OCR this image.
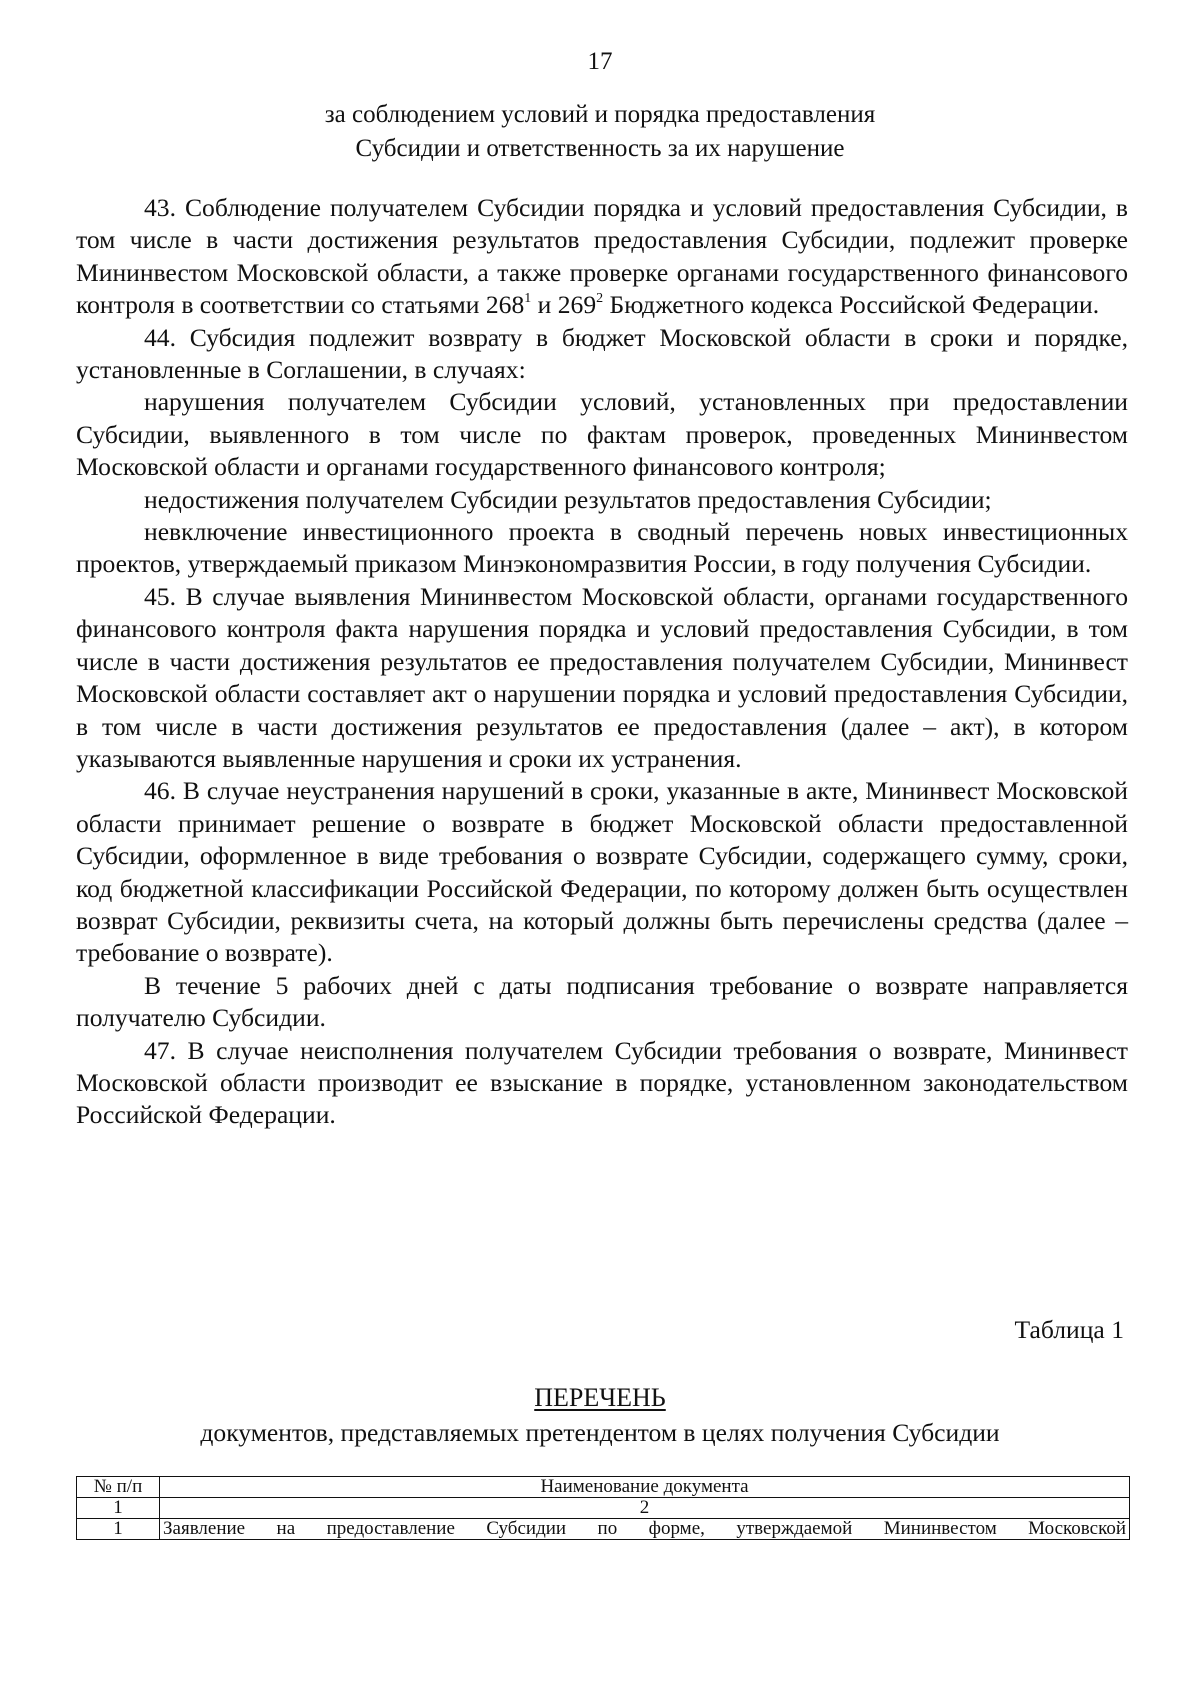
17
за соблюдением условий и порядка предоставления
Субсидии и ответственность за их нарушение

43. Соблюдение получателем Субсидии порядка и условий предоставления Субсидии, в том числе в части достижения результатов предоставления Субсидии, подлежит проверке Мининвестом Московской области, а также проверке органами государственного финансового контроля в соответствии со статьями $268^1$ и $269^2$ Бюджетного кодекса Российской Федерации.

44. Субсидия подлежит возврату в бюджет Московской области в сроки и порядке, установленные в Соглашении, в случаях:

нарушения получателем Субсидии условий, установленных при предоставлении Субсидии, выявленного в том числе по фактам проверок, проведенных Мининвестом Московской области и органами государственного финансового контроля;

недостижения получателем Субсидии результатов предоставления Субсидии;

невключение инвестиционного проекта в сводный перечень новых инвестиционных проектов, утверждаемый приказом Минэкономразвития России, в году получения Субсидии.

45. В случае выявления Мининвестом Московской области, органами государственного финансового контроля факта нарушения порядка и условий предоставления Субсидии, в том числе в части достижения результатов ее предоставления получателем Субсидии, Мининвест Московской области составляет акт о нарушении порядка и условий предоставления Субсидии, в том числе в части достижения результатов ее предоставления (далее – акт), в котором указываются выявленные нарушения и сроки их устранения.

46. В случае неустранения нарушений в сроки, указанные в акте, Мининвест Московской области принимает решение о возврате в бюджет Московской области предоставленной Субсидии, оформленное в виде требования о возврате Субсидии, содержащего сумму, сроки, код бюджетной классификации Российской Федерации, по которому должен быть осуществлен возврат Субсидии, реквизиты счета, на который должны быть перечислены средства (далее – требование о возврате).

В течение 5 рабочих дней с даты подписания требование о возврате направляется получателю Субсидии.

47. В случае неисполнения получателем Субсидии требования о возврате, Мининвест Московской области производит ее взыскание в порядке, установленном законодательством Российской Федерации.

Таблица 1
ПЕРЕЧЕНЬ
документов, представляемых претендентом в целях получения Субсидии
№ п/п	Наименование документа
1	2
1	Заявление на предоставление Субсидии по форме, утверждаемой Мининвестом Московской
